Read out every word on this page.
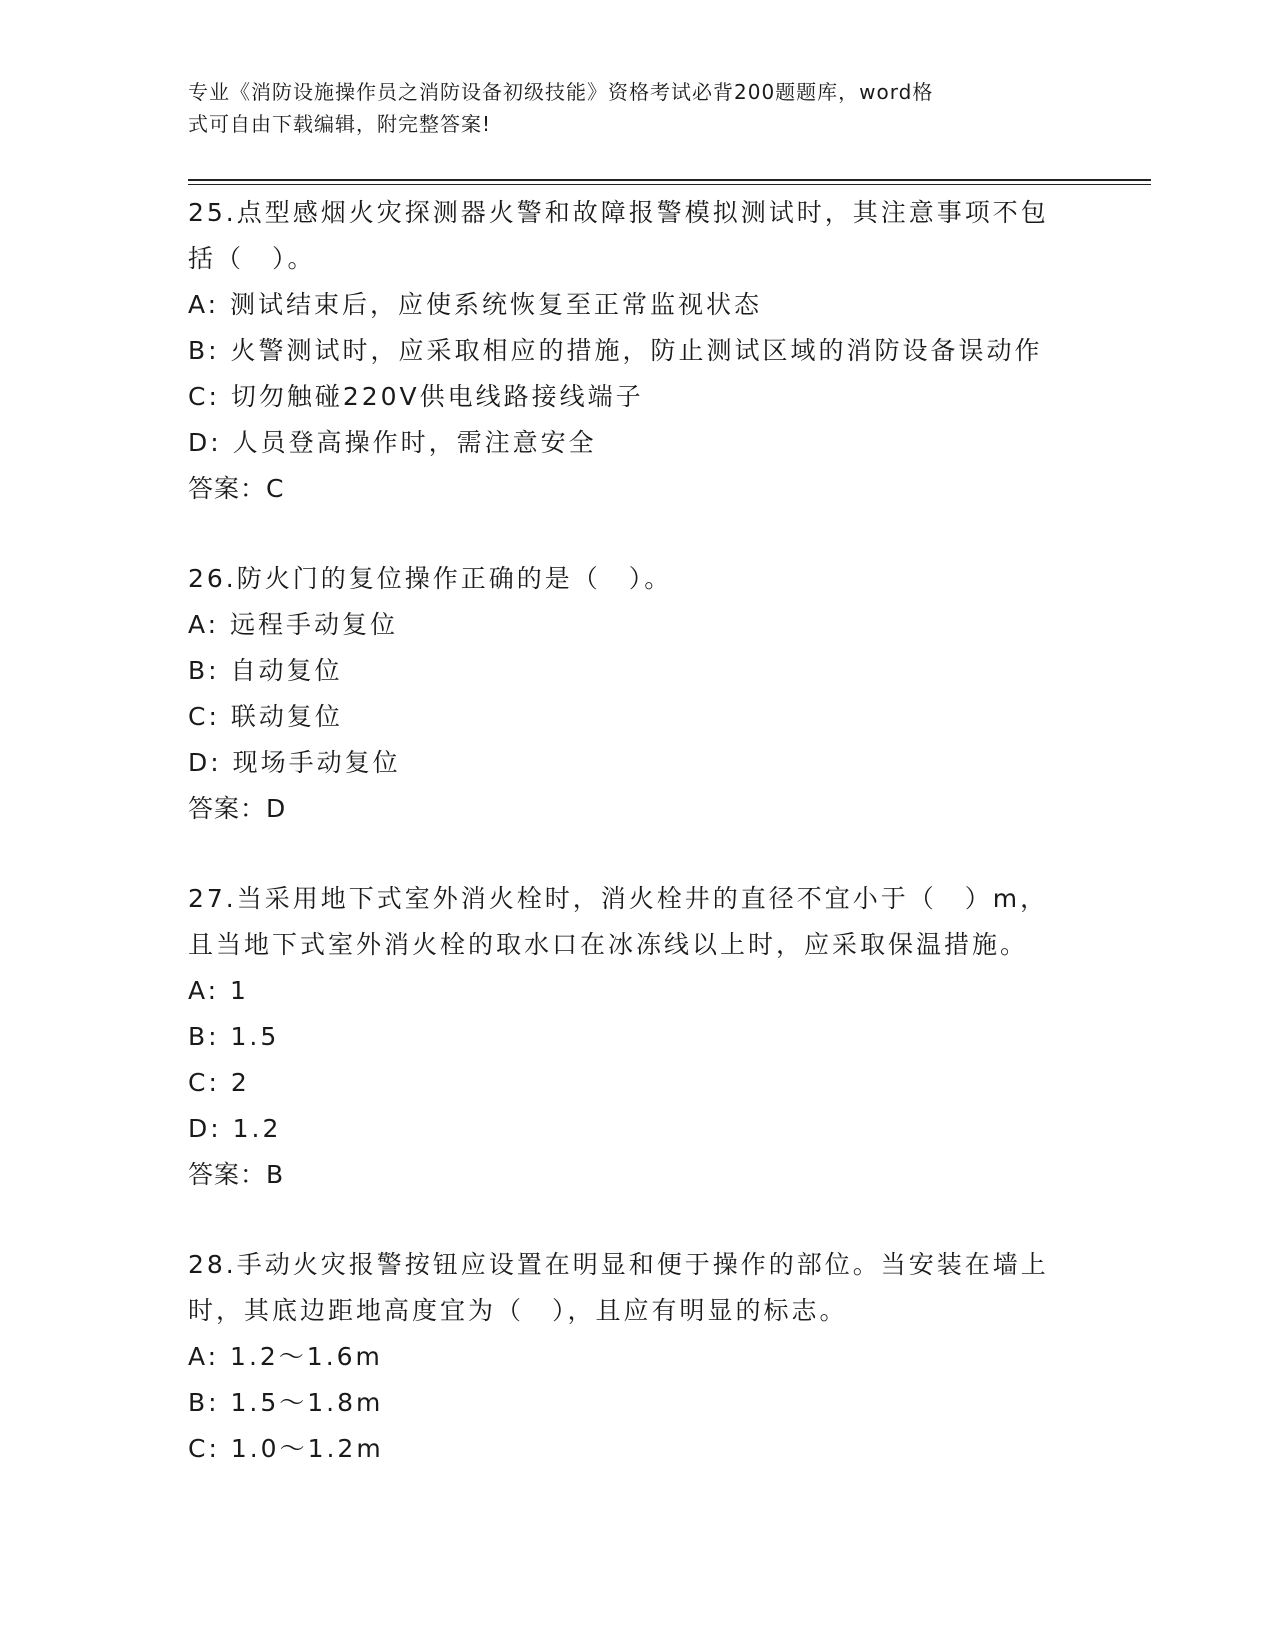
专业《消防设施操作员之消防设备初级技能》资格考试必背200题题库，word格
式可自由下载编辑，附完整答案!
25.点型感烟火灾探测器火警和故障报警模拟测试时，其注意事项不包
括（　）。
A: 测试结束后，应使系统恢复至正常监视状态
B: 火警测试时，应采取相应的措施，防止测试区域的消防设备误动作
C: 切勿触碰220V供电线路接线端子
D: 人员登高操作时，需注意安全
答案：C
26.防火门的复位操作正确的是（　）。
A: 远程手动复位
B: 自动复位
C: 联动复位
D: 现场手动复位
答案：D
27.当采用地下式室外消火栓时，消火栓井的直径不宜小于（　）m，
且当地下式室外消火栓的取水口在冰冻线以上时，应采取保温措施。
A: 1
B: 1.5
C: 2
D: 1.2
答案：B
28.手动火灾报警按钮应设置在明显和便于操作的部位。当安装在墙上
时，其底边距地高度宜为（　），且应有明显的标志。
A: 1.2～1.6m
B: 1.5～1.8m
C: 1.0～1.2m
